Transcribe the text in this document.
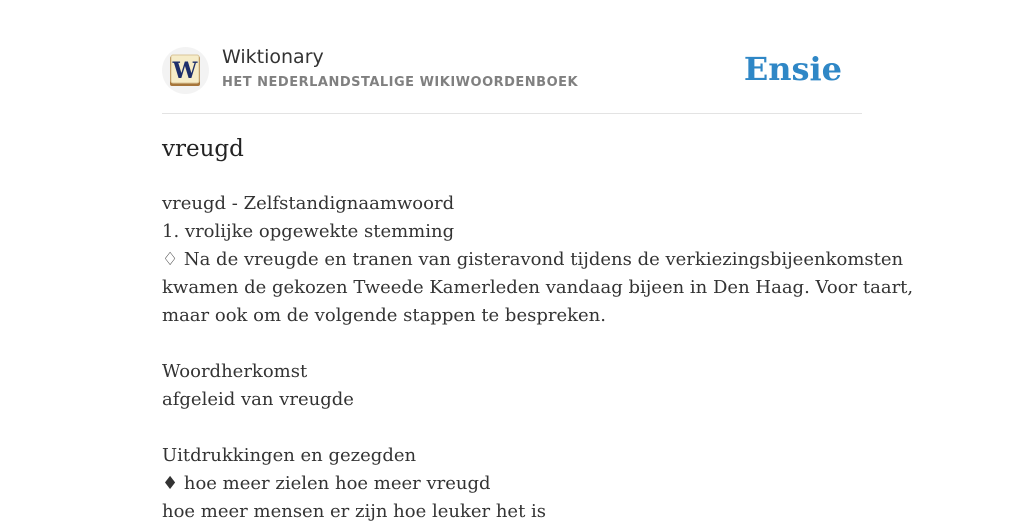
W
Wiktionary
HET NEDERLANDSTALIGE WIKIWOORDENBOEK	Ensie
vreugd
vreugd - Zelfstandignaamwoord
1. vrolijke opgewekte stemming
♢ Na de vreugde en tranen van gisteravond tijdens de verkiezingsbijeenkomsten
kwamen de gekozen Tweede Kamerleden vandaag bijeen in Den Haag. Voor taart,
maar ook om de volgende stappen te bespreken.
Woordherkomst
afgeleid van vreugde
Uitdrukkingen en gezegden
♦ hoe meer zielen hoe meer vreugd
hoe meer mensen er zijn hoe leuker het is
